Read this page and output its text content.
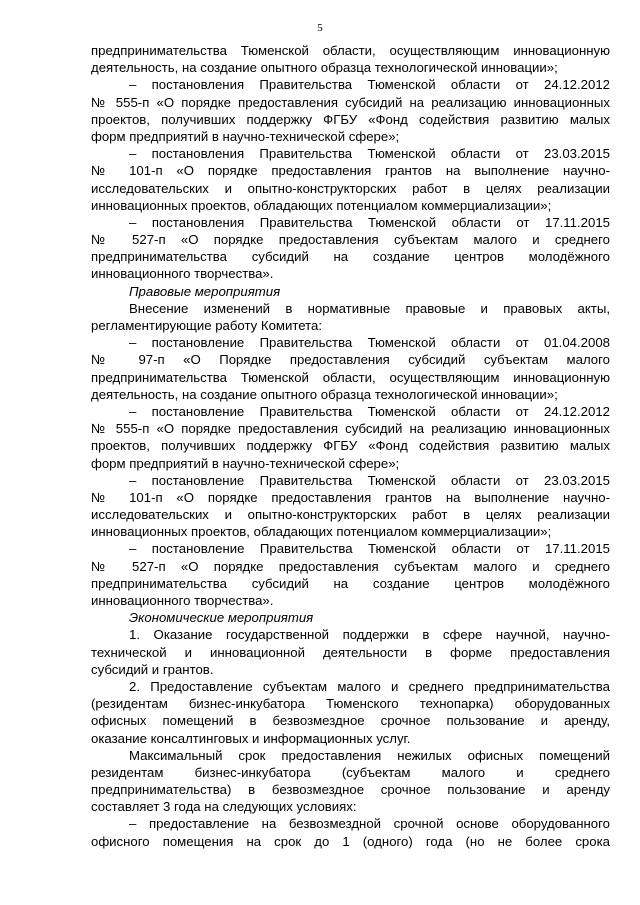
5
предпринимательства Тюменской области, осуществляющим инновационную
деятельность, на создание опытного образца технологической инновации»;
– постановления Правительства Тюменской области от 24.12.2012
№ 555-п «О порядке предоставления субсидий на реализацию инновационных
проектов, получивших поддержку ФГБУ «Фонд содействия развитию малых
форм предприятий в научно-технической сфере»;
– постановления Правительства Тюменской области от 23.03.2015
№ 101-п «О порядке предоставления грантов на выполнение научно-
исследовательских и опытно-конструкторских работ в целях реализации
инновационных проектов, обладающих потенциалом коммерциализации»;
– постановления Правительства Тюменской области от 17.11.2015
№ 527-п «О порядке предоставления субъектам малого и среднего
предпринимательства субсидий на создание центров молодёжного
инновационного творчества».
Правовые мероприятия
Внесение изменений в нормативные правовые и правовых акты,
регламентирующие работу Комитета:
– постановление Правительства Тюменской области от 01.04.2008
№ 97-п «О Порядке предоставления субсидий субъектам малого
предпринимательства Тюменской области, осуществляющим инновационную
деятельность, на создание опытного образца технологической инновации»;
– постановление Правительства Тюменской области от 24.12.2012
№ 555-п «О порядке предоставления субсидий на реализацию инновационных
проектов, получивших поддержку ФГБУ «Фонд содействия развитию малых
форм предприятий в научно-технической сфере»;
– постановление Правительства Тюменской области от 23.03.2015
№ 101-п «О порядке предоставления грантов на выполнение научно-
исследовательских и опытно-конструкторских работ в целях реализации
инновационных проектов, обладающих потенциалом коммерциализации»;
– постановление Правительства Тюменской области от 17.11.2015
№ 527-п «О порядке предоставления субъектам малого и среднего
предпринимательства субсидий на создание центров молодёжного
инновационного творчества».
Экономические мероприятия
1. Оказание государственной поддержки в сфере научной, научно-
технической и инновационной деятельности в форме предоставления
субсидий и грантов.
2. Предоставление субъектам малого и среднего предпринимательства
(резидентам бизнес-инкубатора Тюменского технопарка) оборудованных
офисных помещений в безвозмездное срочное пользование и аренду,
оказание консалтинговых и информационных услуг.
Максимальный срок предоставления нежилых офисных помещений
резидентам бизнес-инкубатора (субъектам малого и среднего
предпринимательства) в безвозмездное срочное пользование и аренду
составляет 3 года на следующих условиях:
– предоставление на безвозмездной срочной основе оборудованного
офисного помещения на срок до 1 (одного) года (но не более срока
